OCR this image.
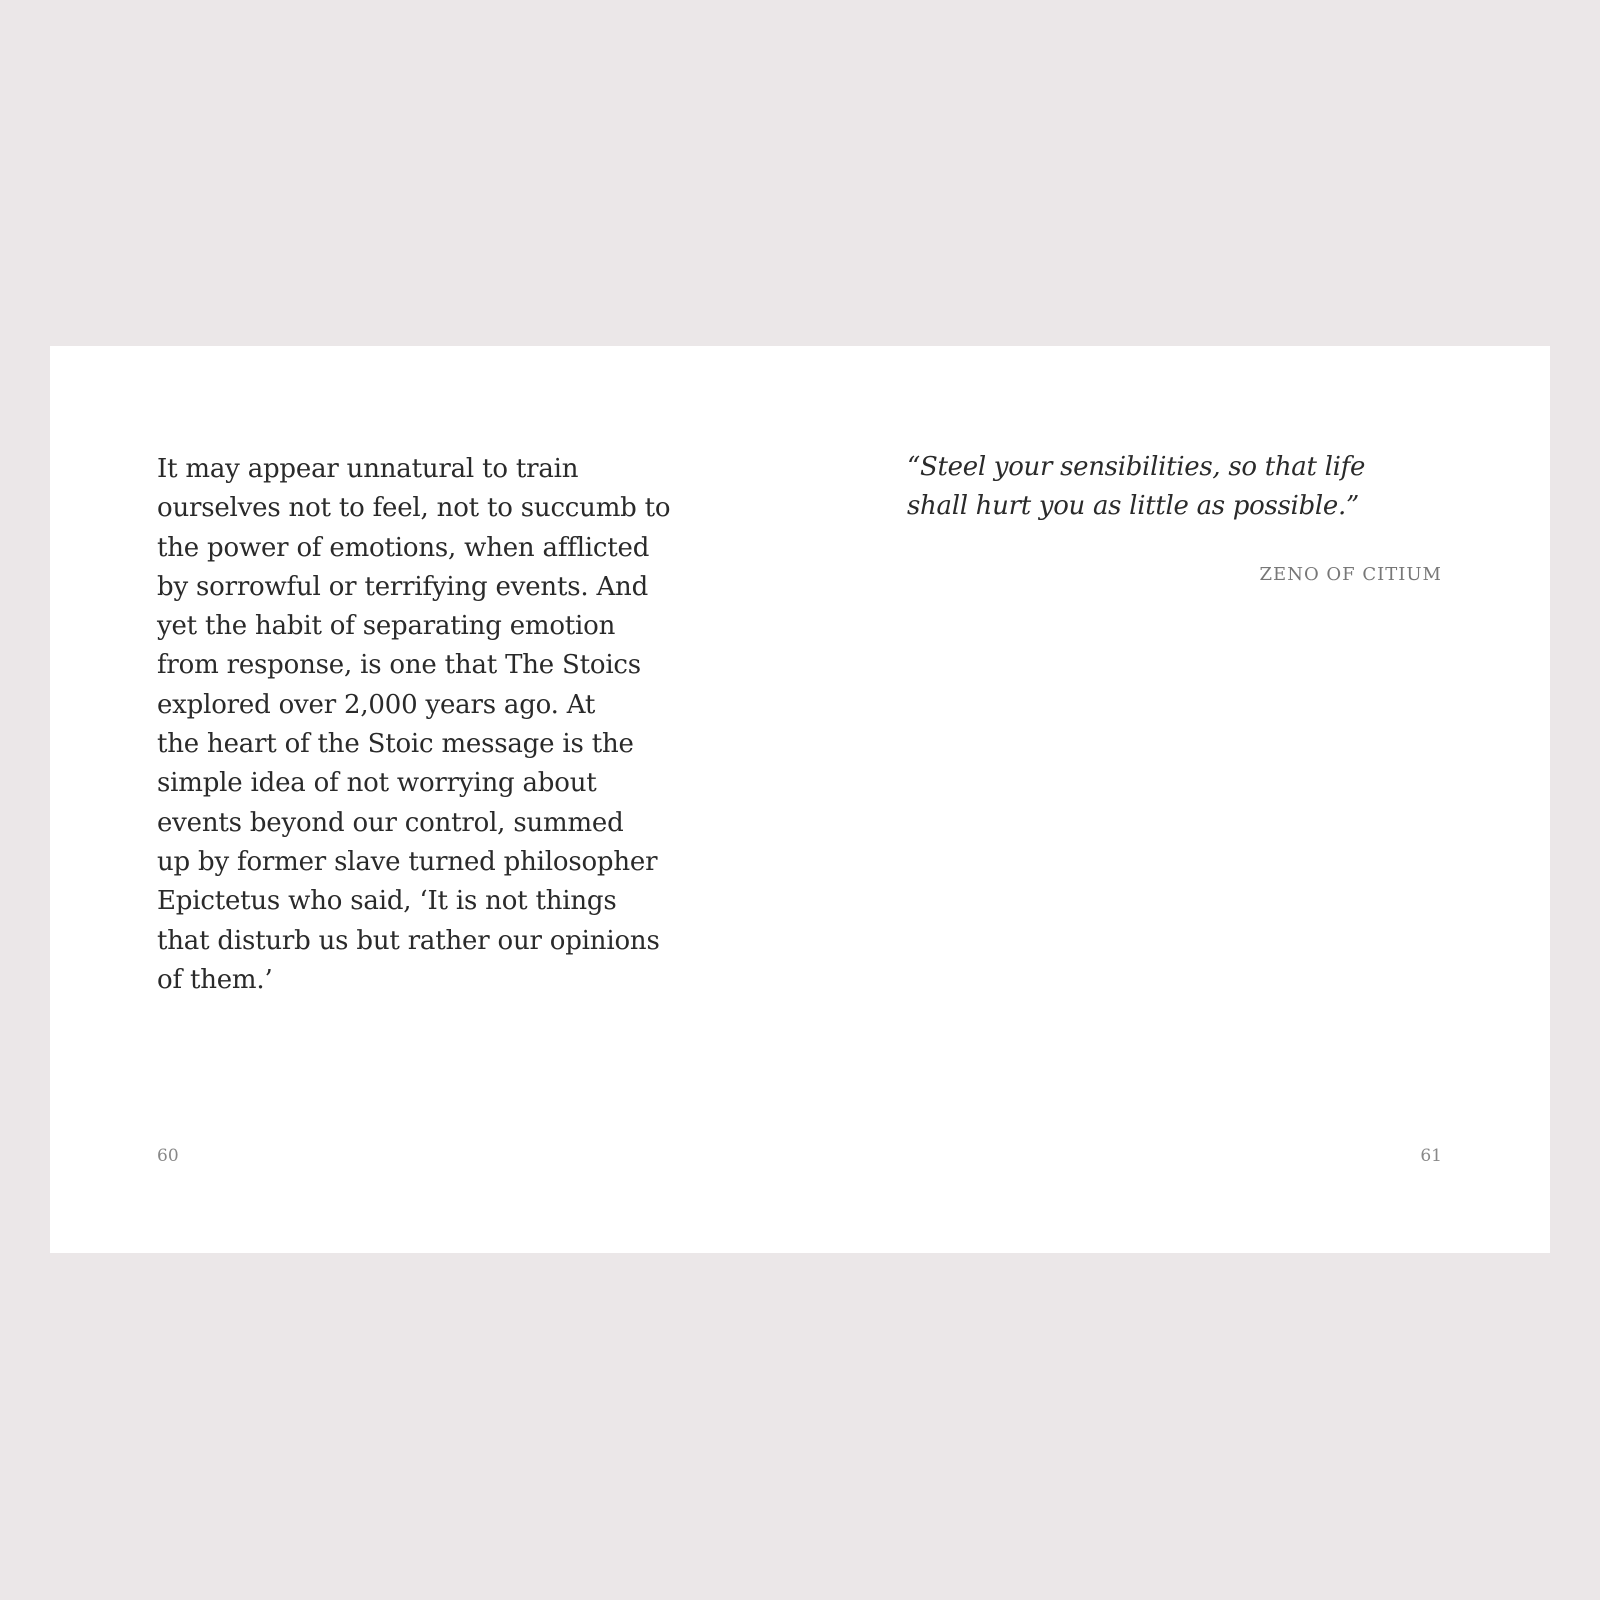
It may appear unnatural to train
ourselves not to feel, not to succumb to
the power of emotions, when afflicted
by sorrowful or terrifying events. And
yet the habit of separating emotion
from response, is one that The Stoics
explored over 2,000 years ago. At
the heart of the Stoic message is the
simple idea of not worrying about
events beyond our control, summed
up by former slave turned philosopher
Epictetus who said, ‘It is not things
that disturb us but rather our opinions
of them.’
60
“Steel your sensibilities, so that life
shall hurt you as little as possible.”
ZENO OF CITIUM
61
